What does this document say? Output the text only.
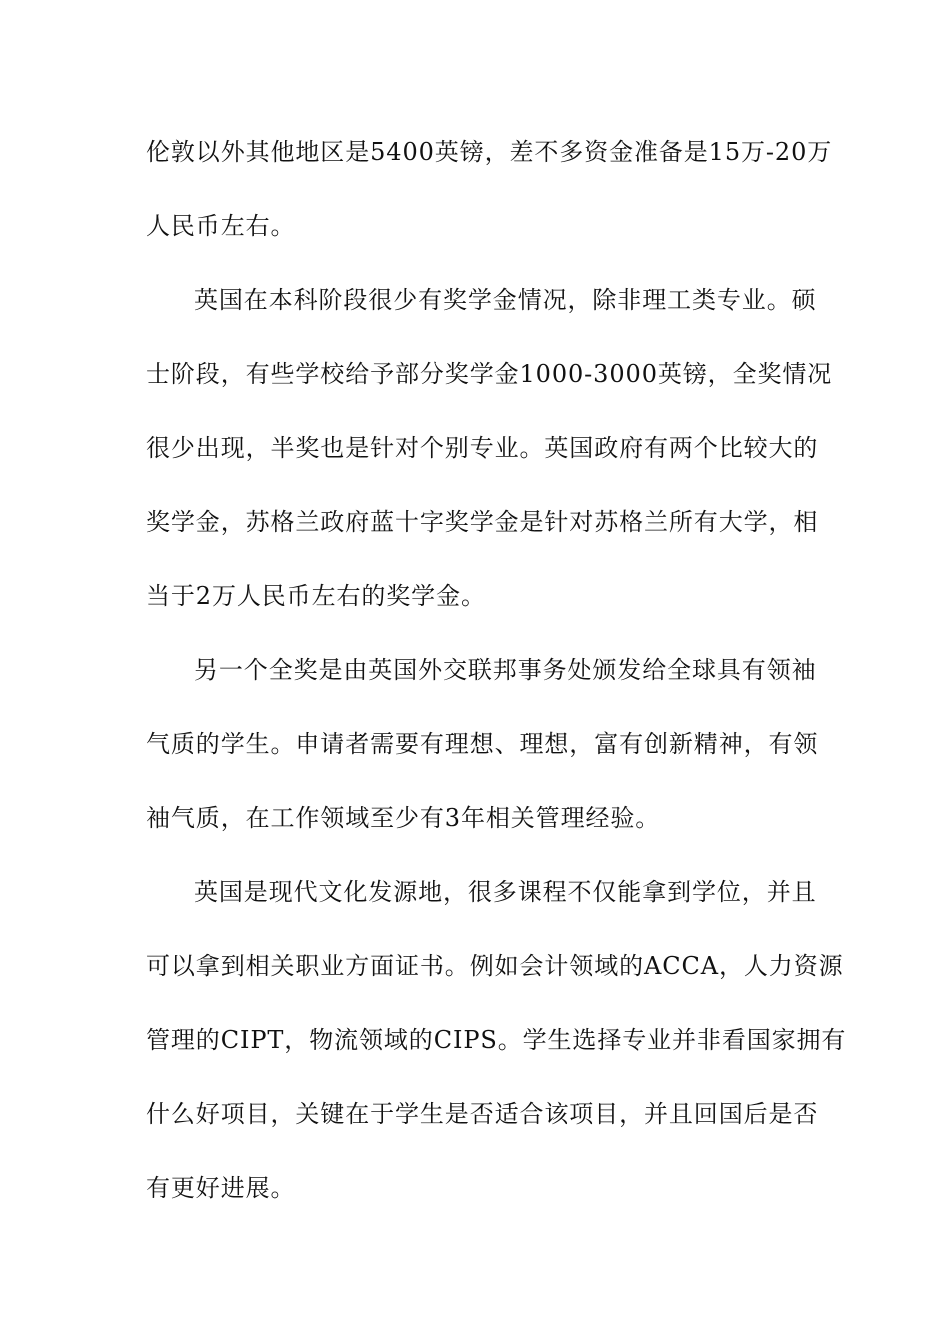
伦敦以外其他地区是5400英镑，差不多资金准备是15万-20万
人民币左右。
英国在本科阶段很少有奖学金情况，除非理工类专业。硕
士阶段，有些学校给予部分奖学金1000-3000英镑，全奖情况
很少出现，半奖也是针对个别专业。英国政府有两个比较大的
奖学金，苏格兰政府蓝十字奖学金是针对苏格兰所有大学，相
当于2万人民币左右的奖学金。
另一个全奖是由英国外交联邦事务处颁发给全球具有领袖
气质的学生。申请者需要有理想、理想，富有创新精神，有领
袖气质，在工作领域至少有3年相关管理经验。
英国是现代文化发源地，很多课程不仅能拿到学位，并且
可以拿到相关职业方面证书。例如会计领域的ACCA，人力资源
管理的CIPT，物流领域的CIPS。学生选择专业并非看国家拥有
什么好项目，关键在于学生是否适合该项目，并且回国后是否
有更好进展。
